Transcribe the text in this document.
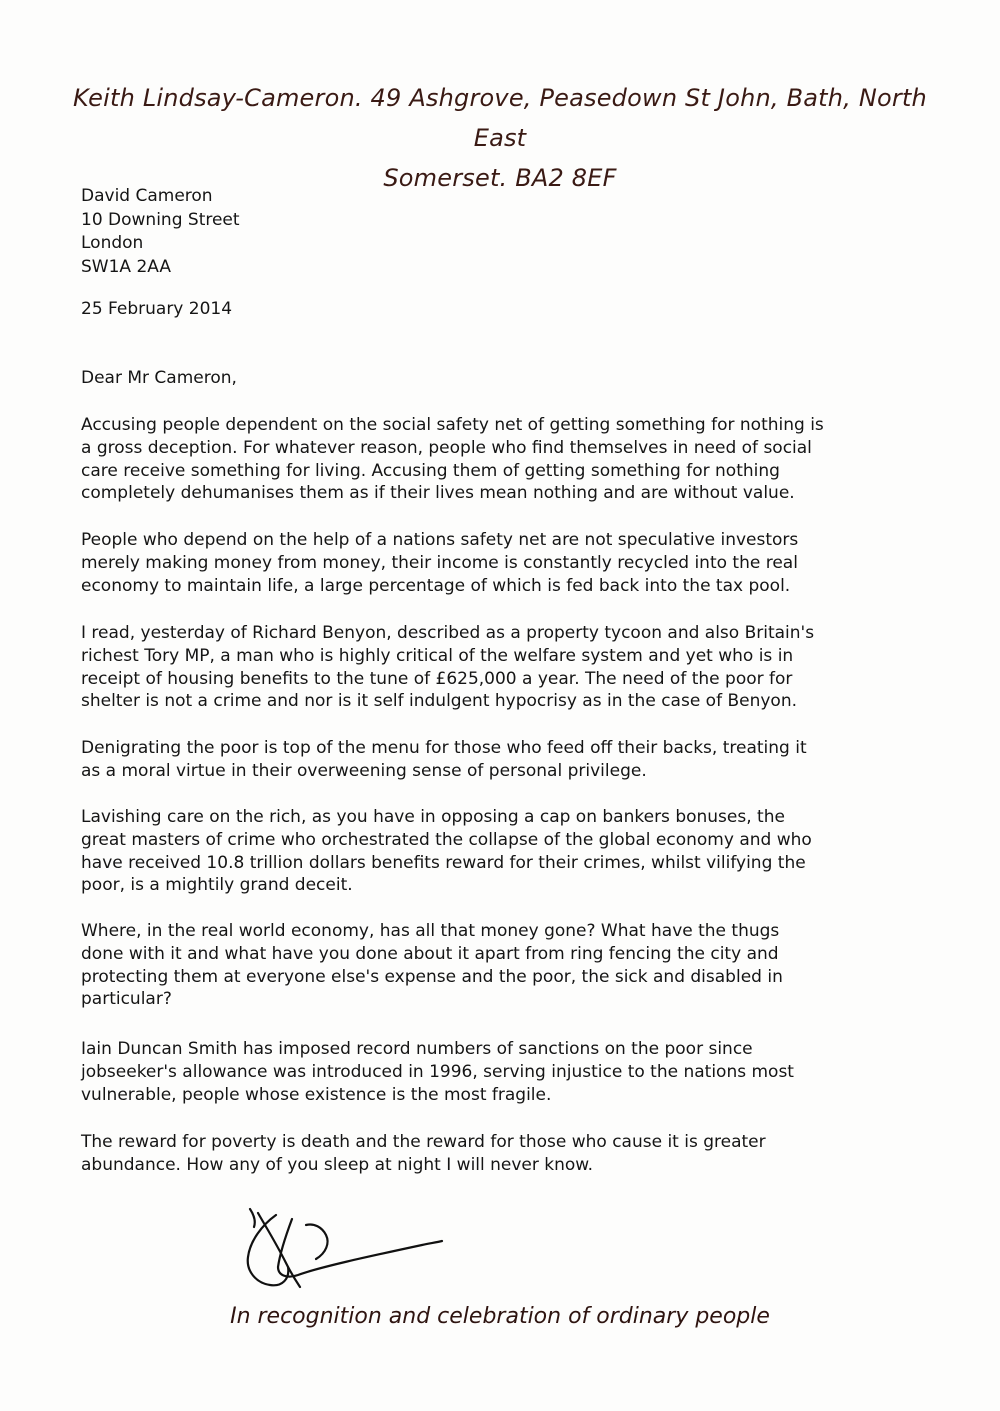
Keith Lindsay-Cameron. 49 Ashgrove, Peasedown St John, Bath, North East
Somerset. BA2 8EF
David Cameron
10 Downing Street
London
SW1A 2AA
25 February 2014
Dear Mr Cameron,
Accusing people dependent on the social safety net of getting something for nothing is
a gross deception. For whatever reason, people who find themselves in need of social
care receive something for living. Accusing them of getting something for nothing
completely dehumanises them as if their lives mean nothing and are without value.
People who depend on the help of a nations safety net are not speculative investors
merely making money from money, their income is constantly recycled into the real
economy to maintain life, a large percentage of which is fed back into the tax pool.
I read, yesterday of Richard Benyon, described as a property tycoon and also Britain's
richest Tory MP, a man who is highly critical of the welfare system and yet who is in
receipt of housing benefits to the tune of £625,000 a year. The need of the poor for
shelter is not a crime and nor is it self indulgent hypocrisy as in the case of Benyon.
Denigrating the poor is top of the menu for those who feed off their backs, treating it
as a moral virtue in their overweening sense of personal privilege.
Lavishing care on the rich, as you have in opposing a cap on bankers bonuses, the
great masters of crime who orchestrated the collapse of the global economy and who
have received 10.8 trillion dollars benefits reward for their crimes, whilst vilifying the
poor, is a mightily grand deceit.
Where, in the real world economy, has all that money gone? What have the thugs
done with it and what have you done about it apart from ring fencing the city and
protecting them at everyone else's expense and the poor, the sick and disabled in
particular?
Iain Duncan Smith has imposed record numbers of sanctions on the poor since
jobseeker's allowance was introduced in 1996, serving injustice to the nations most
vulnerable, people whose existence is the most fragile.
The reward for poverty is death and the reward for those who cause it is greater
abundance. How any of you sleep at night I will never know.
In recognition and celebration of ordinary people
